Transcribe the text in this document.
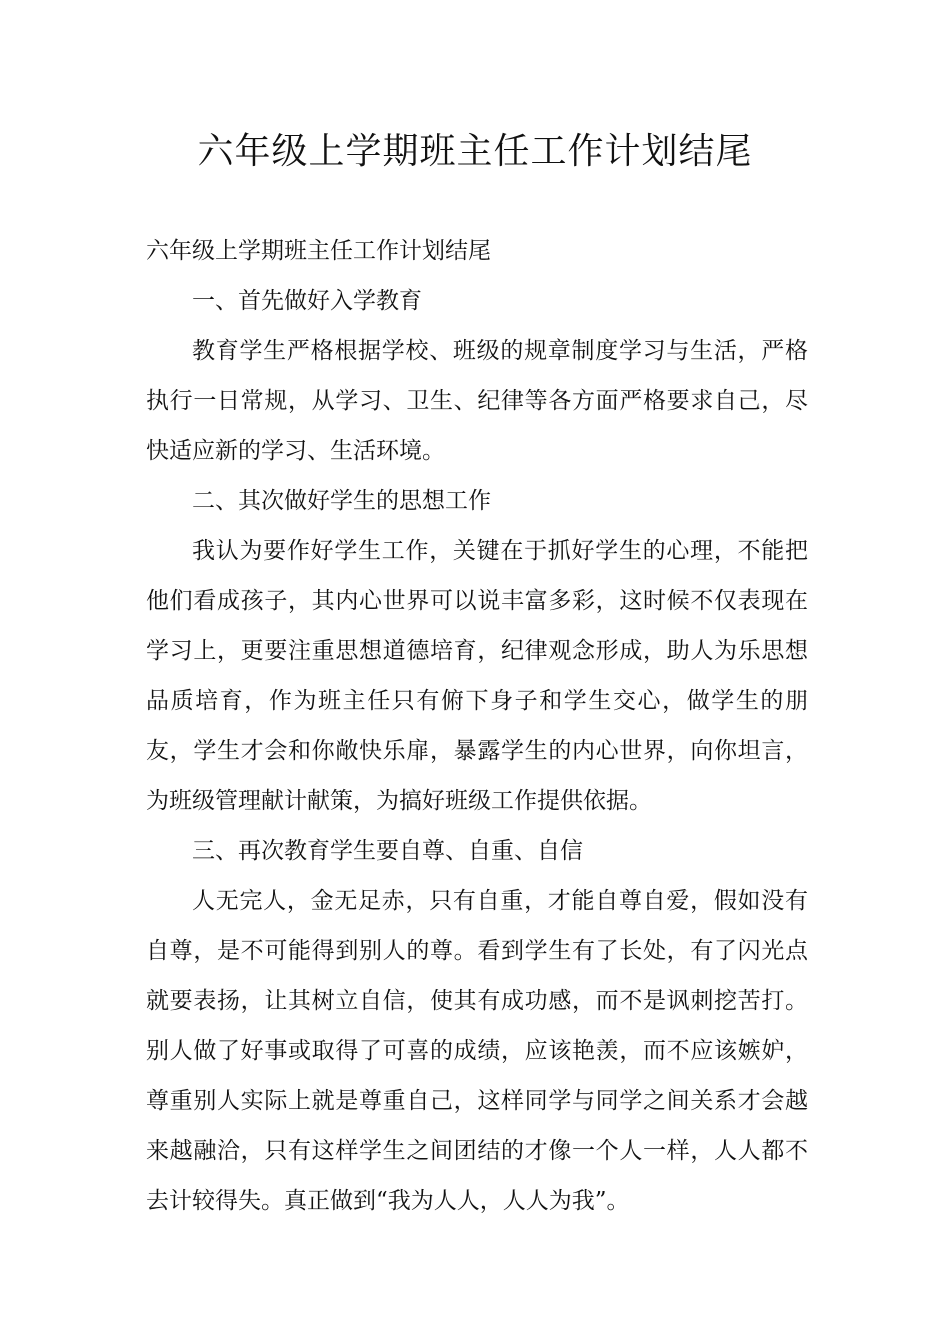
六年级上学期班主任工作计划结尾

六年级上学期班主任工作计划结尾

一、首先做好入学教育

教育学生严格根据学校、班级的规章制度学习与生活，严格执行一日常规，从学习、卫生、纪律等各方面严格要求自己，尽快适应新的学习、生活环境。

二、其次做好学生的思想工作

我认为要作好学生工作，关键在于抓好学生的心理，不能把他们看成孩子，其内心世界可以说丰富多彩，这时候不仅表现在学习上，更要注重思想道德培育，纪律观念形成，助人为乐思想品质培育，作为班主任只有俯下身子和学生交心，做学生的朋友，学生才会和你敞快乐扉，暴露学生的内心世界，向你坦言，为班级管理献计献策，为搞好班级工作提供依据。

三、再次教育学生要自尊、自重、自信

人无完人，金无足赤，只有自重，才能自尊自爱，假如没有自尊，是不可能得到别人的尊。看到学生有了长处，有了闪光点就要表扬，让其树立自信，使其有成功感，而不是讽刺挖苦打。别人做了好事或取得了可喜的成绩，应该艳羡，而不应该嫉妒，尊重别人实际上就是尊重自己，这样同学与同学之间关系才会越来越融洽，只有这样学生之间团结的才像一个人一样，人人都不去计较得失。真正做到“我为人人，人人为我”。
